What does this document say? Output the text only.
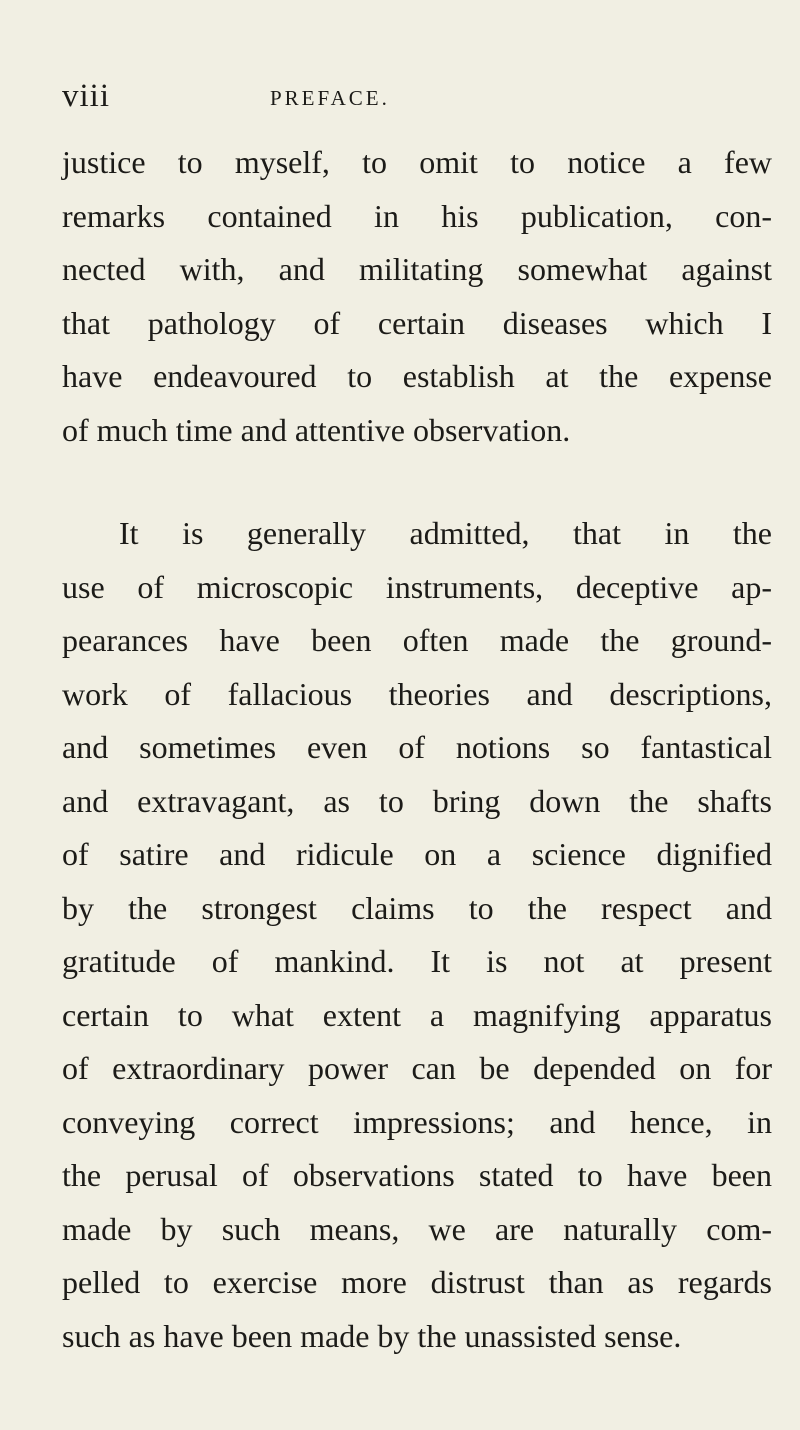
viii	PREFACE.
justice to myself, to omit to notice a few
remarks contained in his publication, con-
nected with, and militating somewhat against
that pathology of certain diseases which I
have endeavoured to establish at the expense
of much time and attentive observation.
It is generally admitted, that in the
use of microscopic instruments, deceptive ap-
pearances have been often made the ground-
work of fallacious theories and descriptions,
and sometimes even of notions so fantastical
and extravagant, as to bring down the shafts
of satire and ridicule on a science dignified
by the strongest claims to the respect and
gratitude of mankind. It is not at present
certain to what extent a magnifying apparatus
of extraordinary power can be depended on for
conveying correct impressions; and hence, in
the perusal of observations stated to have been
made by such means, we are naturally com-
pelled to exercise more distrust than as regards
such as have been made by the unassisted sense.
